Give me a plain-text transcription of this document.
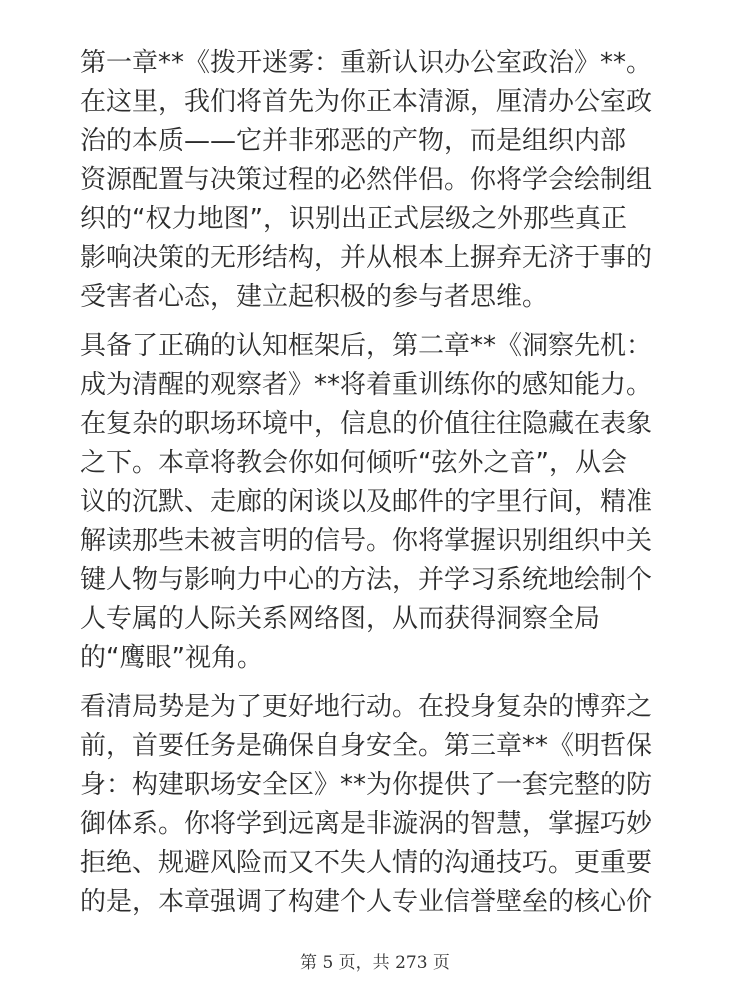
第一章**《拨开迷雾：重新认识办公室政治》**。
在这里，我们将首先为你正本清源，厘清办公室政
治的本质——它并非邪恶的产物，而是组织内部
资源配置与决策过程的必然伴侣。你将学会绘制组
织的“权力地图”，识别出正式层级之外那些真正
影响决策的无形结构，并从根本上摒弃无济于事的
受害者心态，建立起积极的参与者思维。
具备了正确的认知框架后，第二章**《洞察先机：
成为清醒的观察者》**将着重训练你的感知能力。
在复杂的职场环境中，信息的价值往往隐藏在表象
之下。本章将教会你如何倾听“弦外之音”，从会
议的沉默、走廊的闲谈以及邮件的字里行间，精准
解读那些未被言明的信号。你将掌握识别组织中关
键人物与影响力中心的方法，并学习系统地绘制个
人专属的人际关系网络图，从而获得洞察全局
的“鹰眼”视角。
看清局势是为了更好地行动。在投身复杂的博弈之
前，首要任务是确保自身安全。第三章**《明哲保
身：构建职场安全区》**为你提供了一套完整的防
御体系。你将学到远离是非漩涡的智慧，掌握巧妙
拒绝、规避风险而又不失人情的沟通技巧。更重要
的是，本章强调了构建个人专业信誉壁垒的核心价
第 5 页，共 273 页
